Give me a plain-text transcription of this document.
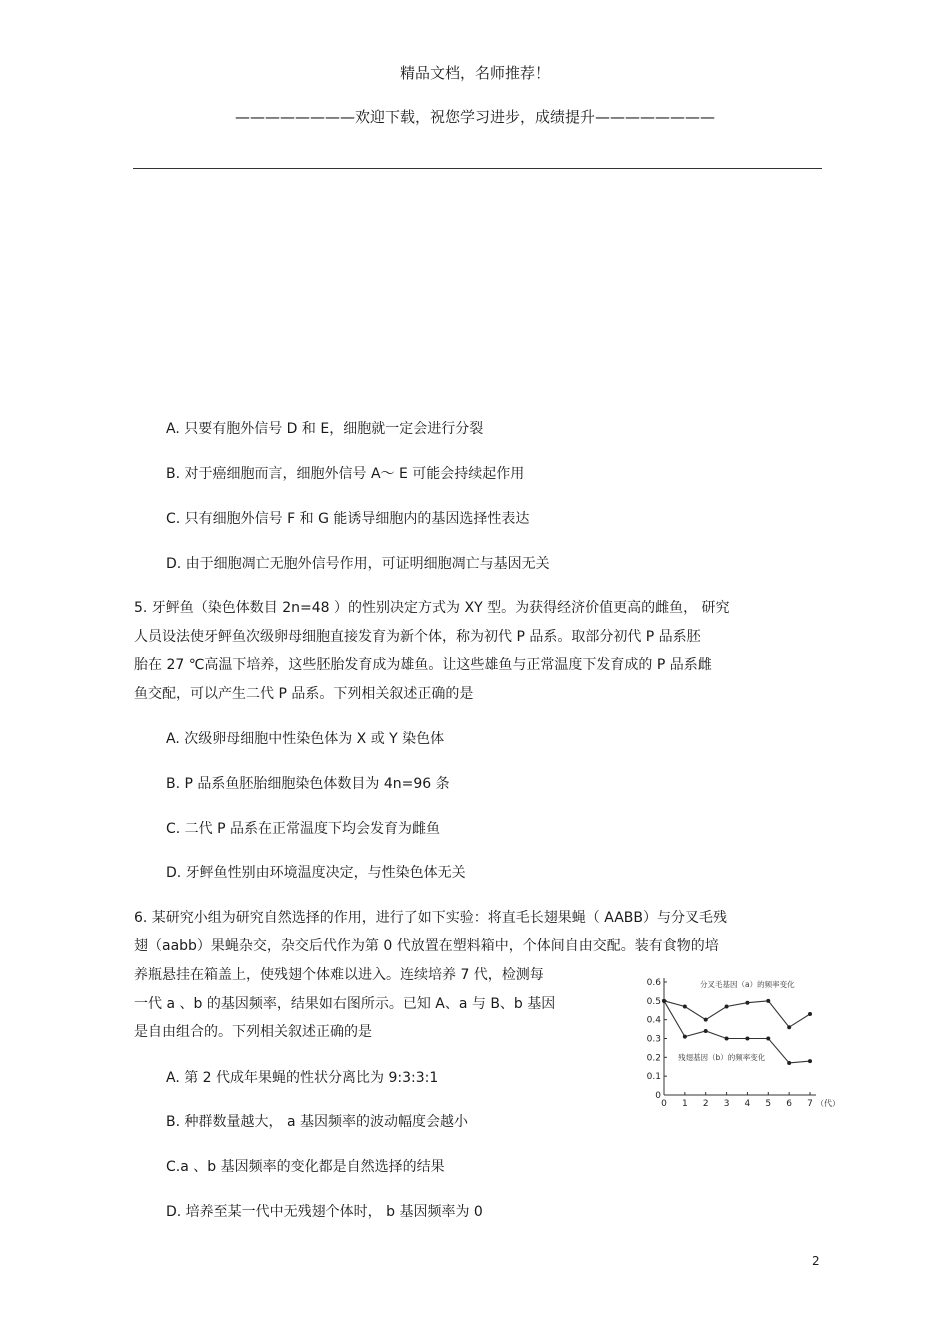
精品文档，名师推荐！
————————欢迎下载，祝您学习进步，成绩提升————————
A. 只要有胞外信号 D 和 E，细胞就一定会进行分裂
B. 对于癌细胞而言，细胞外信号 A～ E 可能会持续起作用
C. 只有细胞外信号 F 和 G 能诱导细胞内的基因选择性表达
D. 由于细胞凋亡无胞外信号作用，可证明细胞凋亡与基因无关
5. 牙鲆鱼（染色体数目 2n=48 ）的性别决定方式为 XY 型。为获得经济价值更高的雌鱼， 研究
人员设法使牙鲆鱼次级卵母细胞直接发育为新个体，称为初代 P 品系。取部分初代 P 品系胚
胎在 27 ℃高温下培养，这些胚胎发育成为雄鱼。让这些雄鱼与正常温度下发育成的 P 品系雌
鱼交配，可以产生二代 P 品系。下列相关叙述正确的是
A. 次级卵母细胞中性染色体为 X 或 Y 染色体
B. P 品系鱼胚胎细胞染色体数目为 4n=96 条
C. 二代 P 品系在正常温度下均会发育为雌鱼
D. 牙鲆鱼性别由环境温度决定，与性染色体无关
6. 某研究小组为研究自然选择的作用，进行了如下实验：将直毛长翅果蝇（ AABB）与分叉毛残
翅（aabb）果蝇杂交，杂交后代作为第 0 代放置在塑料箱中，个体间自由交配。装有食物的培
养瓶悬挂在箱盖上，使残翅个体难以进入。连续培养 7 代，检测每
一代 a 、b 的基因频率，结果如右图所示。已知 A、a 与 B、b 基因
是自由组合的。下列相关叙述正确的是
A. 第 2 代成年果蝇的性状分离比为 9:3:3:1
B. 种群数量越大， a 基因频率的波动幅度会越小
C.a 、b 基因频率的变化都是自然选择的结果
D. 培养至某一代中无残翅个体时， b 基因频率为 0
0
0.1
0.2
0.3
0.4
0.5
0.6
0 1 2 3 4 5 6 7 （代）
分叉毛基因（a）的频率变化
残翅基因（b）的频率变化
2
